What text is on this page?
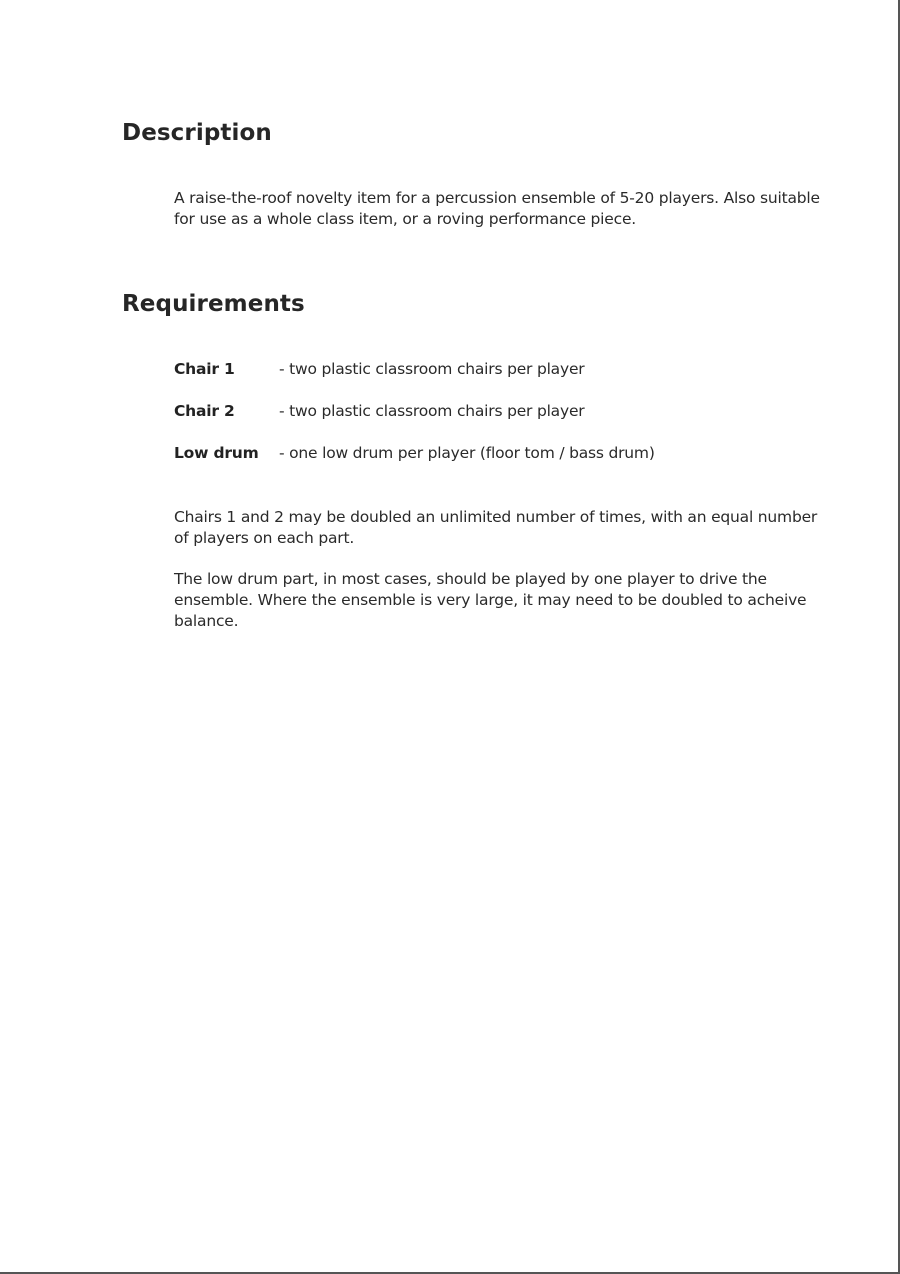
Description

A raise-the-roof novelty item for a percussion ensemble of 5-20 players. Also suitable
for use as a whole class item, or a roving performance piece.

Requirements
Chair 1	- two plastic classroom chairs per player
Chair 2	- two plastic classroom chairs per player
Low drum - one low drum per player (floor tom / bass drum)

Chairs 1 and 2 may be doubled an unlimited number of times, with an equal number
of players on each part.

The low drum part, in most cases, should be played by one player to drive the
ensemble. Where the ensemble is very large, it may need to be doubled to acheive
balance.
